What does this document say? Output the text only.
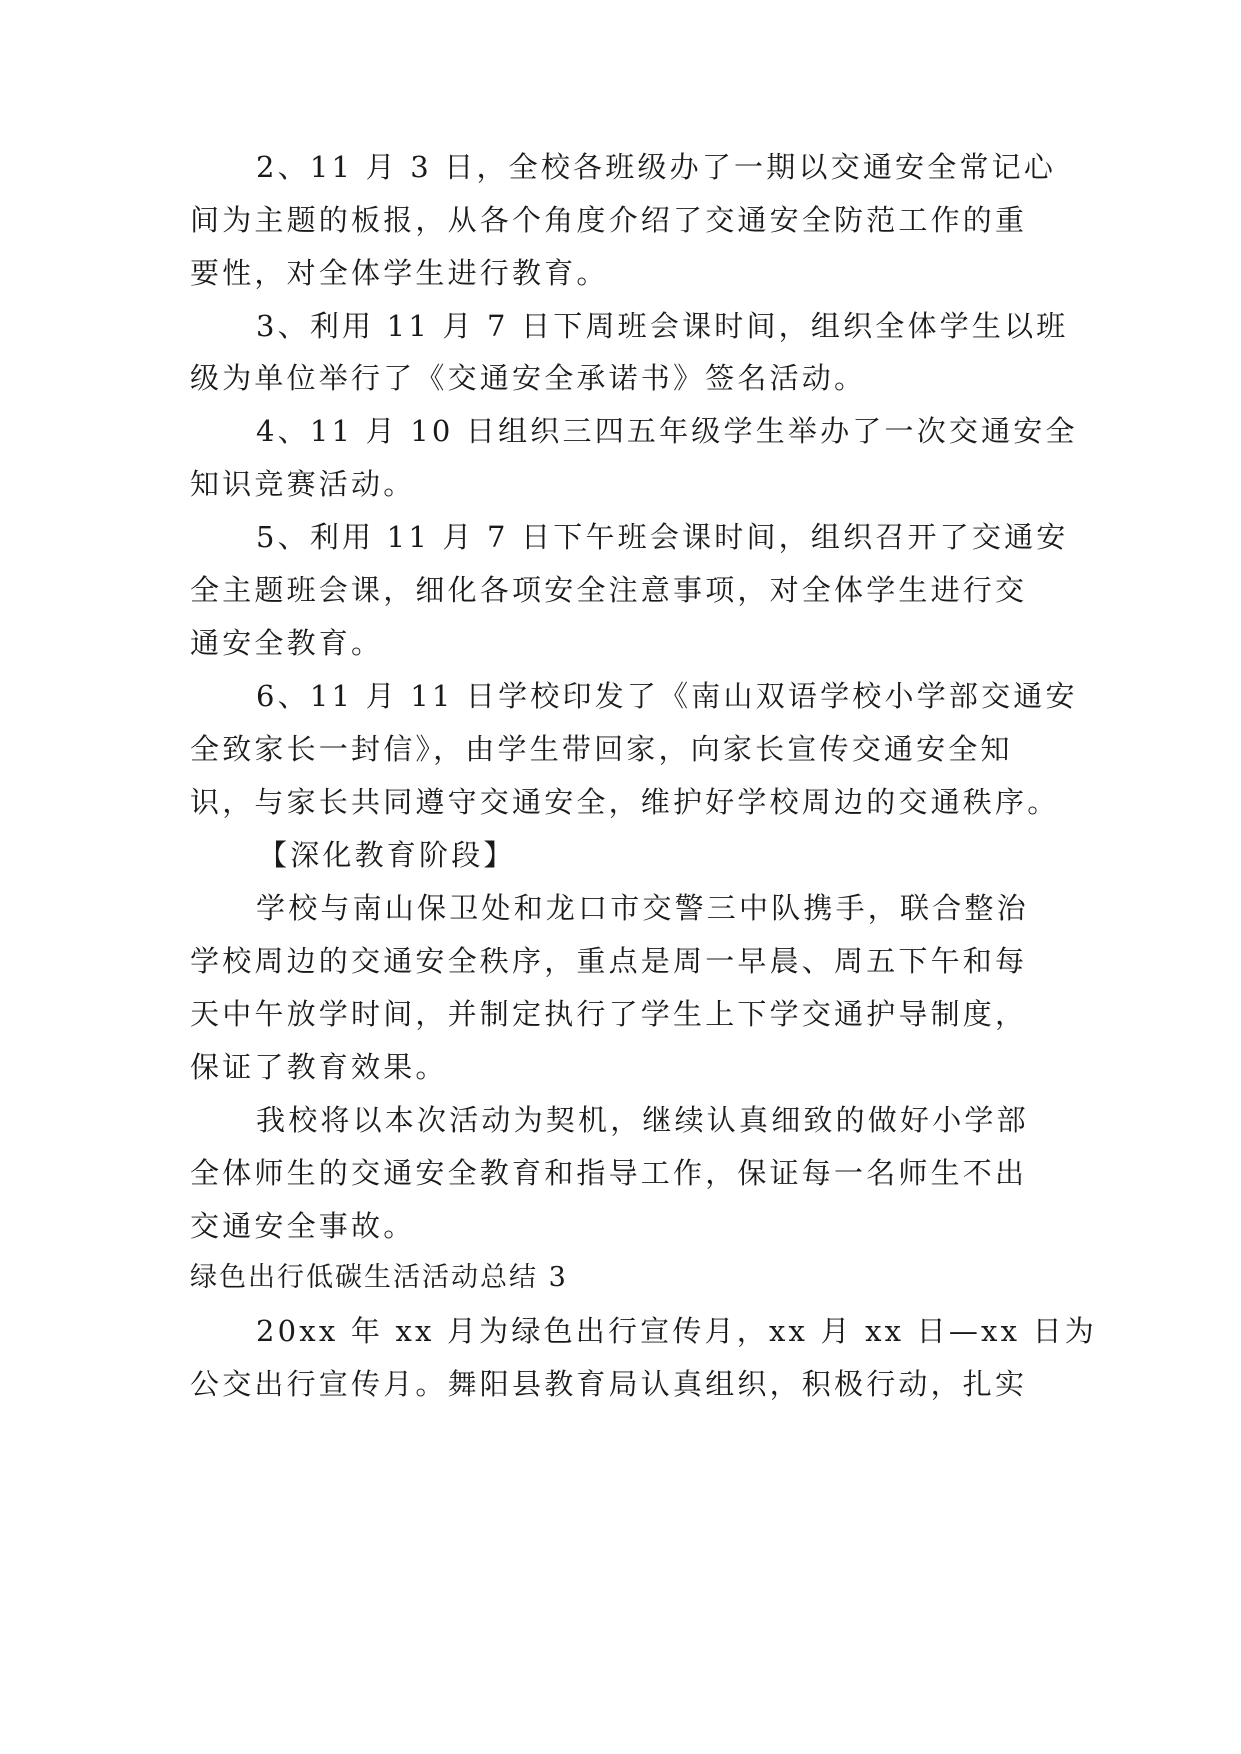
2、11 月 3 日，全校各班级办了一期以交通安全常记心
间为主题的板报，从各个角度介绍了交通安全防范工作的重
要性，对全体学生进行教育。
3、利用 11 月 7 日下周班会课时间，组织全体学生以班
级为单位举行了《交通安全承诺书》签名活动。
4、11 月 10 日组织三四五年级学生举办了一次交通安全
知识竞赛活动。
5、利用 11 月 7 日下午班会课时间，组织召开了交通安
全主题班会课，细化各项安全注意事项，对全体学生进行交
通安全教育。
6、11 月 11 日学校印发了《南山双语学校小学部交通安
全致家长一封信》，由学生带回家，向家长宣传交通安全知
识，与家长共同遵守交通安全，维护好学校周边的交通秩序。
【深化教育阶段】
学校与南山保卫处和龙口市交警三中队携手，联合整治
学校周边的交通安全秩序，重点是周一早晨、周五下午和每
天中午放学时间，并制定执行了学生上下学交通护导制度，
保证了教育效果。
我校将以本次活动为契机，继续认真细致的做好小学部
全体师生的交通安全教育和指导工作，保证每一名师生不出
交通安全事故。
绿色出行低碳生活活动总结 3
20xx 年 xx 月为绿色出行宣传月，xx 月 xx 日—xx 日为
公交出行宣传月。舞阳县教育局认真组织，积极行动，扎实
